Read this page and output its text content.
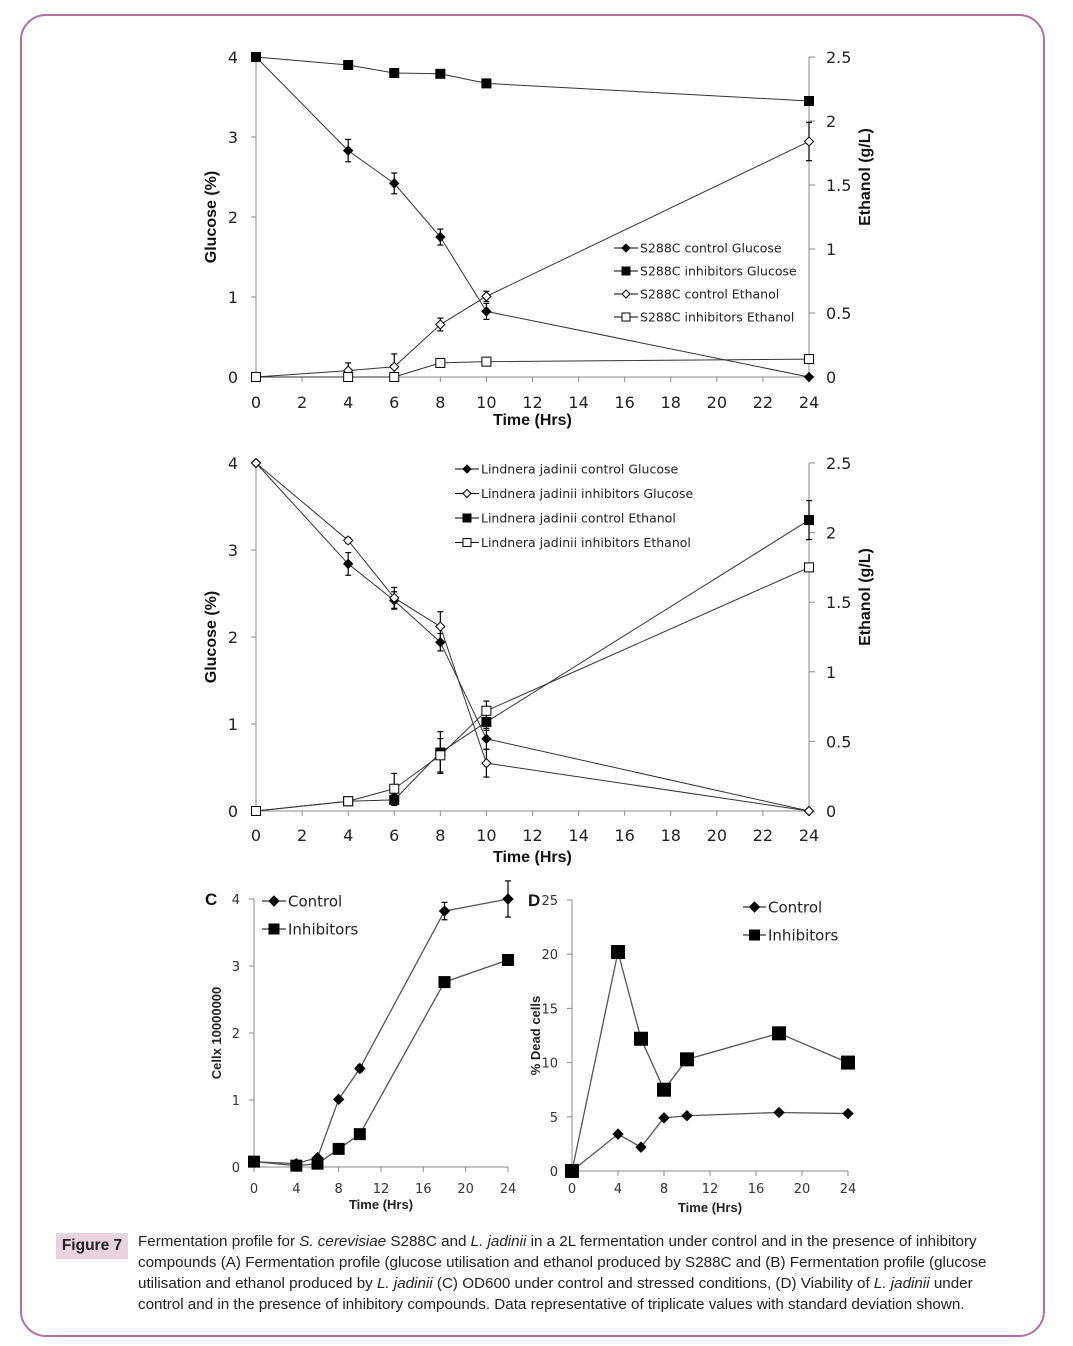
0
1
2
3
4
0
0.5
1
1.5
2
2.5
0 2 4 6 8 10 12 14 16 18 20 22 24
Time (Hrs)
Glucose (%)	Ethanol (g/L)
S288C control Glucose
S288C inhibitors Glucose
S288C control Ethanol
S288C inhibitors Ethanol
0
1
2
3
4
0
0.5
1
1.5
2
2.5
0 2 4 6 8 10 12 14 16 18 20 22 24
Time (Hrs)
Glucose (%)	Ethanol (g/L)
Lindnera jadinii control Glucose
Lindnera jadinii inhibitors Glucose
Lindnera jadinii control Ethanol
Lindnera jadinii inhibitors Ethanol
0
1
2
3
4
0	4	8 12 16 20 24
Time (Hrs)
Cellx 10000000
C	Control
Inhibitors
0
5
10
15
20
25
0	4	8	12 16 20 24
Time (Hrs)
% Dead cells
D	Control
Inhibitors
Figure 7	Fermentation profile for S. cerevisiae S288C and L. jadinii in a 2L fermentation under control and in the presence of inhibitory compounds (A) Fermentation profile (glucose utilisation and ethanol produced by S288C and (B) Fermentation profile (glucose utilisation and ethanol produced by L. jadinii (C) OD600 under control and stressed conditions, (D) Viability of L. jadinii under control and in the presence of inhibitory compounds. Data representative of triplicate values with standard deviation shown.
